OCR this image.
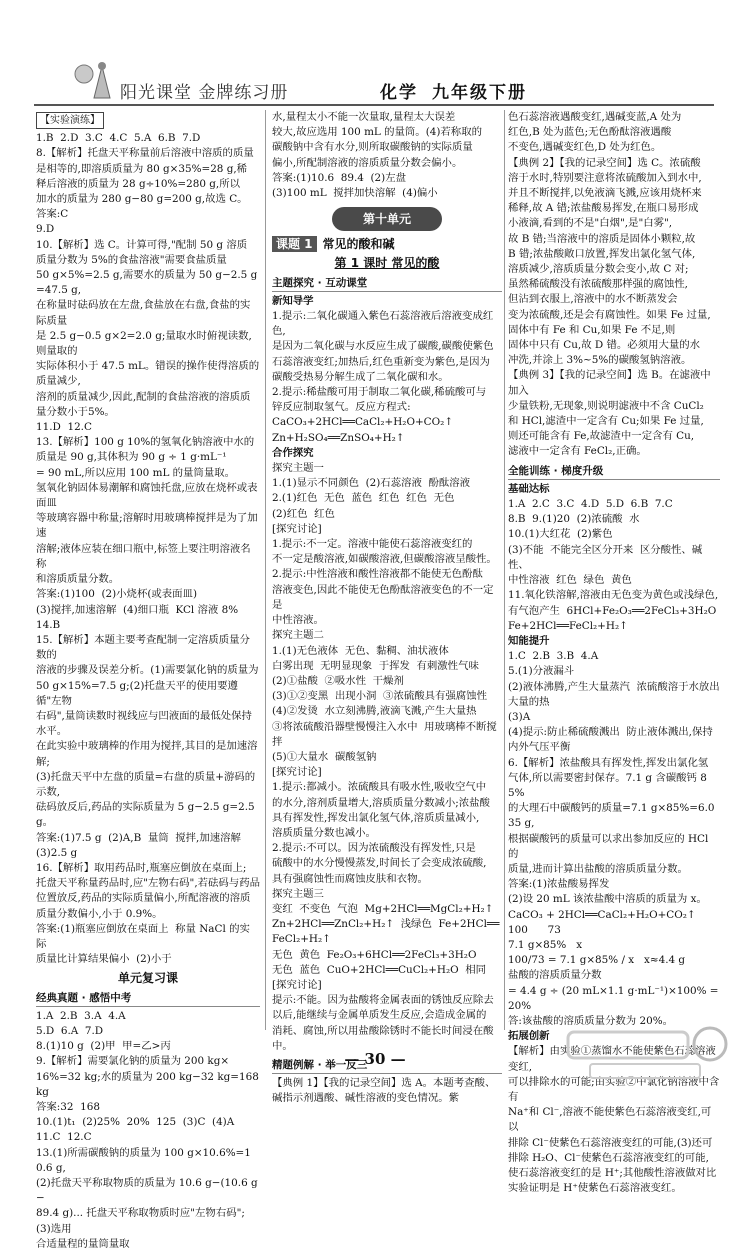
阳光课堂 金牌练习册	化学 九年级下册
【实验演练】

1.B  2.D  3.C  4.C  5.A  6.B  7.D

8.【解析】托盘天平称量前后溶液中溶质的质量

是相等的,即溶质质量为 80 g×35%=28 g,稀

释后溶液的质量为 28 g÷10%=280 g,所以

加水的质量为 280 g−80 g=200 g,故选 C。

答案:C

9.D

10.【解析】选 C。计算可得,"配制 50 g 溶质

质量分数为 5%的食盐溶液"需要食盐质量

50 g×5%=2.5 g,需要水的质量为 50 g−2.5 g=47.5 g,

在称量时砝码放在左盘,食盐放在右盘,食盐的实际质量

是 2.5 g−0.5 g×2=2.0 g;量取水时俯视读数,则量取的

实际体积小于 47.5 mL。错误的操作使得溶质的质量减少,

溶剂的质量减少,因此,配制的食盐溶液的溶质质量分数小于5%。

11.D  12.C

13.【解析】100 g 10%的氢氧化钠溶液中水的

质量是 90 g,其体积为 90 g ÷ 1 g·mL⁻¹

= 90 mL,所以应用 100 mL 的量筒量取。

氢氧化钠固体易潮解和腐蚀托盘,应放在烧杯或表面皿

等玻璃容器中称量;溶解时用玻璃棒搅拌是为了加速

溶解;液体应装在细口瓶中,标签上要注明溶液名称

和溶质质量分数。

答案:(1)100  (2)小烧杯(或表面皿)

(3)搅拌,加速溶解  (4)细口瓶  KCl 溶液 8%

14.B

15.【解析】本题主要考查配制一定溶质质量分数的

溶液的步骤及误差分析。(1)需要氯化钠的质量为

50 g×15%=7.5 g;(2)托盘天平的使用要遵循"左物

右码",量筒读数时视线应与凹液面的最低处保持水平。

在此实验中玻璃棒的作用为搅拌,其目的是加速溶解;

(3)托盘天平中左盘的质量=右盘的质量+游码的示数,

砝码放反后,药品的实际质量为 5 g−2.5 g=2.5 g。

答案:(1)7.5 g  (2)A,B  量筒  搅拌,加速溶解

(3)2.5 g

16.【解析】取用药品时,瓶塞应倒放在桌面上;

托盘天平称量药品时,应"左物右码",若砝码与药品

位置放反,药品的实际质量偏小,所配溶液的溶质

质量分数偏小,小于 0.9%。

答案:(1)瓶塞应倒放在桌面上  称量 NaCl 的实际

质量比计算结果偏小  (2)小于

单元复习课
经典真题 · 感悟中考

1.A  2.B  3.A  4.A

5.D  6.A  7.D

8.(1)10 g  (2)甲  甲=乙>丙

9.【解析】需要氯化钠的质量为 200 kg×

16%=32 kg;水的质量为 200 kg−32 kg=168 kg

答案:32  168

10.(1)t₁  (2)25%  20%  125  (3)C  (4)A

11.C  12.C

13.(1)所需碳酸钠的质量为 100 g×10.6%=10.6 g,

(2)托盘天平称取物质的质量为 10.6 g−(10.6 g−

89.4 g)... 托盘天平称取物质时应"左物右码"; (3)选用

合适量程的量筒量取

水,量程太小不能一次量取,量程太大误差

较大,故应选用 100 mL 的量筒。(4)若称取的

碳酸钠中含有水分,则所取碳酸钠的实际质量

偏小,所配制溶液的溶质质量分数会偏小。

答案:(1)10.6  89.4  (2)左盘

(3)100 mL  搅拌加快溶解  (4)偏小

第十单元
课题 1 常见的酸和碱
第 1 课时 常见的酸
主题探究 · 互动课堂
新知导学

1.提示:二氧化碳通入紫色石蕊溶液后溶液变成红色,

是因为二氧化碳与水反应生成了碳酸,碳酸使紫色

石蕊溶液变红;加热后,红色重新变为紫色,是因为

碳酸受热易分解生成了二氧化碳和水。

2.提示:稀盐酸可用于制取二氧化碳,稀硫酸可与

锌反应制取氢气。反应方程式:

CaCO₃+2HCl══CaCl₂+H₂O+CO₂↑

Zn+H₂SO₄══ZnSO₄+H₂↑

合作探究

探究主题一

1.(1)显示不同颜色  (2)石蕊溶液  酚酞溶液

2.(1)红色  无色  蓝色  红色  红色  无色

(2)红色  红色

[探究讨论]

1.提示:不一定。溶液中能使石蕊溶液变红的

不一定是酸溶液,如碳酸溶液,但碳酸溶液呈酸性。

2.提示:中性溶液和酸性溶液都不能使无色酚酞

溶液变色,因此不能使无色酚酞溶液变色的不一定是

中性溶液。

探究主题二

1.(1)无色液体  无色、黏稠、油状液体

白雾出现  无明显现象  于挥发  有刺激性气味

(2)①盐酸  ②吸水性  干燥剂

(3)①②变黑  出现小洞  ③浓硫酸具有强腐蚀性

(4)②发烫  水立刻沸腾,液滴飞溅,产生大量热

③将浓硫酸沿器壁慢慢注入水中  用玻璃棒不断搅拌

(5)①大量水  碳酸氢钠

[探究讨论]

1.提示:都减小。浓硫酸具有吸水性,吸收空气中

的水分,溶剂质量增大,溶质质量分数减小;浓盐酸

具有挥发性,挥发出氯化氢气体,溶质质量减小,

溶质质量分数也减小。

2.提示:不可以。因为浓硫酸没有挥发性,只是

硫酸中的水分慢慢蒸发,时间长了会变成浓硫酸,

具有强腐蚀性而腐蚀皮肤和衣物。

探究主题三

变红  不变色  气泡  Mg+2HCl══MgCl₂+H₂↑

Zn+2HCl══ZnCl₂+H₂↑  浅绿色  Fe+2HCl══FeCl₂+H₂↑

无色  黄色  Fe₂O₃+6HCl══2FeCl₃+3H₂O

无色  蓝色  CuO+2HCl══CuCl₂+H₂O  相同

[探究讨论]

提示:不能。因为盐酸将金属表面的锈蚀反应除去

以后,能继续与金属单质发生反应,会造成金属的

消耗、腐蚀,所以用盐酸除锈时不能长时间浸在酸中。

精题例解 · 举一反三

【典例 1】【我的记录空间】选 A。本题考查酸、

碱指示剂遇酸、碱性溶液的变色情况。紫

色石蕊溶液遇酸变红,遇碱变蓝,A 处为

红色,B 处为蓝色;无色酚酞溶液遇酸

不变色,遇碱变红色,D 处为红色。

【典例 2】【我的记录空间】选 C。浓硫酸

溶于水时,特别要注意将浓硫酸加入到水中,

并且不断搅拌,以免液滴飞溅,应该用烧杯来

稀释,故 A 错;浓盐酸易挥发,在瓶口易形成

小液滴,看到的不是"白烟",是"白雾",

故 B 错;当溶液中的溶质是固体小颗粒,故

B 错;浓盐酸敞口放置,挥发出氯化氢气体,

溶质减少,溶质质量分数会变小,故 C 对;

虽然稀硫酸没有浓硫酸那样强的腐蚀性,

但沾到衣服上,溶液中的水不断蒸发会

变为浓硫酸,还是会有腐蚀性。如果 Fe 过量,

固体中有 Fe 和 Cu,如果 Fe 不足,则

固体中只有 Cu,故 D 错。必须用大量的水

冲洗,并涂上 3%~5%的碳酸氢钠溶液。

【典例 3】【我的记录空间】选 B。在滤液中加入

少量铁粉,无现象,则说明滤液中不含 CuCl₂

和 HCl,滤渣中一定含有 Cu;如果 Fe 过量,

则还可能含有 Fe,故滤渣中一定含有 Cu,

滤液中一定含有 FeCl₂,正确。

全能训练 · 梯度升级
基础达标

1.A  2.C  3.C  4.D  5.D  6.B  7.C

8.B  9.(1)20  (2)浓硫酸  水

10.(1)大红花  (2)紫色

(3)不能  不能完全区分开来  区分酸性、碱性、

中性溶液  红色  绿色  黄色

11.氧化铁溶解,溶液由无色变为黄色或浅绿色,

有气泡产生  6HCl+Fe₂O₃══2FeCl₃+3H₂O

Fe+2HCl══FeCl₂+H₂↑

知能提升

1.C  2.B  3.B  4.A

5.(1)分液漏斗

(2)液体沸腾,产生大量蒸汽  浓硫酸溶于水放出

大量的热

(3)A

(4)提示:防止稀硫酸溅出  防止液体溅出,保持

内外气压平衡

6.【解析】浓盐酸具有挥发性,挥发出氯化氢

气体,所以需要密封保存。7.1 g 含碳酸钙 85%

的大理石中碳酸钙的质量=7.1 g×85%=6.035 g,

根据碳酸钙的质量可以求出参加反应的 HCl 的

质量,进而计算出盐酸的溶质质量分数。

答案:(1)浓盐酸易挥发

(2)设 20 mL 该浓盐酸中溶质的质量为 x。

CaCO₃ + 2HCl══CaCl₂+H₂O+CO₂↑

100      73

7.1 g×85%   x

100/73 = 7.1 g×85% / x   x≈4.4 g

盐酸的溶质质量分数

= 4.4 g ÷ (20 mL×1.1 g·mL⁻¹)×100% = 20%

答:该盐酸的溶质质量分数为 20%。

拓展创新

【解析】由实验①蒸馏水不能使紫色石蕊溶液变红,

可以排除水的可能;由实验②中氯化钠溶液中含有

Na⁺和 Cl⁻,溶液不能使紫色石蕊溶液变红,可以

排除 Cl⁻使紫色石蕊溶液变红的可能,(3)还可

排除 H₂O、Cl⁻使紫色石蕊溶液变红的可能,

使石蕊溶液变红的是 H⁺;其他酸性溶液做对比

实验证明是 H⁺使紫色石蕊溶液变红。

— 30 —
